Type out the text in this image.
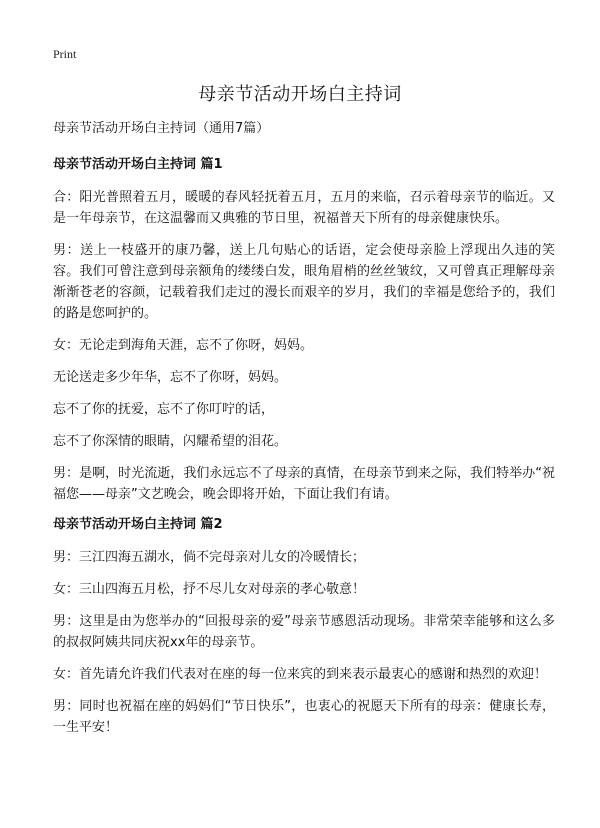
Print
母亲节活动开场白主持词
母亲节活动开场白主持词（通用7篇）
母亲节活动开场白主持词 篇1

合：阳光普照着五月，暖暖的春风轻抚着五月，五月的来临，召示着母亲节的临近。又是一年母亲节，在这温馨而又典雅的节日里，祝福普天下所有的母亲健康快乐。

男：送上一枝盛开的康乃馨，送上几句贴心的话语，定会使母亲脸上浮现出久违的笑容。我们可曾注意到母亲额角的缕缕白发，眼角眉梢的丝丝皱纹，又可曾真正理解母亲渐渐苍老的容颜，记载着我们走过的漫长而艰辛的岁月，我们的幸福是您给予的，我们的路是您呵护的。

女：无论走到海角天涯，忘不了你呀，妈妈。

无论送走多少年华，忘不了你呀，妈妈。

忘不了你的抚爱，忘不了你叮咛的话，

忘不了你深情的眼睛，闪耀希望的泪花。

男：是啊，时光流逝，我们永远忘不了母亲的真情，在母亲节到来之际，我们特举办“祝福您——母亲”文艺晚会，晚会即将开始，下面让我们有请。

母亲节活动开场白主持词 篇2

男：三江四海五湖水，倘不完母亲对儿女的冷暖情长；

女：三山四海五月松，抒不尽儿女对母亲的孝心敬意！

男：这里是由为您举办的“回报母亲的爱”母亲节感恩活动现场。非常荣幸能够和这么多的叔叔阿姨共同庆祝xx年的母亲节。

女：首先请允许我们代表对在座的每一位来宾的到来表示最衷心的感谢和热烈的欢迎！

男：同时也祝福在座的妈妈们“节日快乐”，也衷心的祝愿天下所有的母亲：健康长寿，一生平安！
